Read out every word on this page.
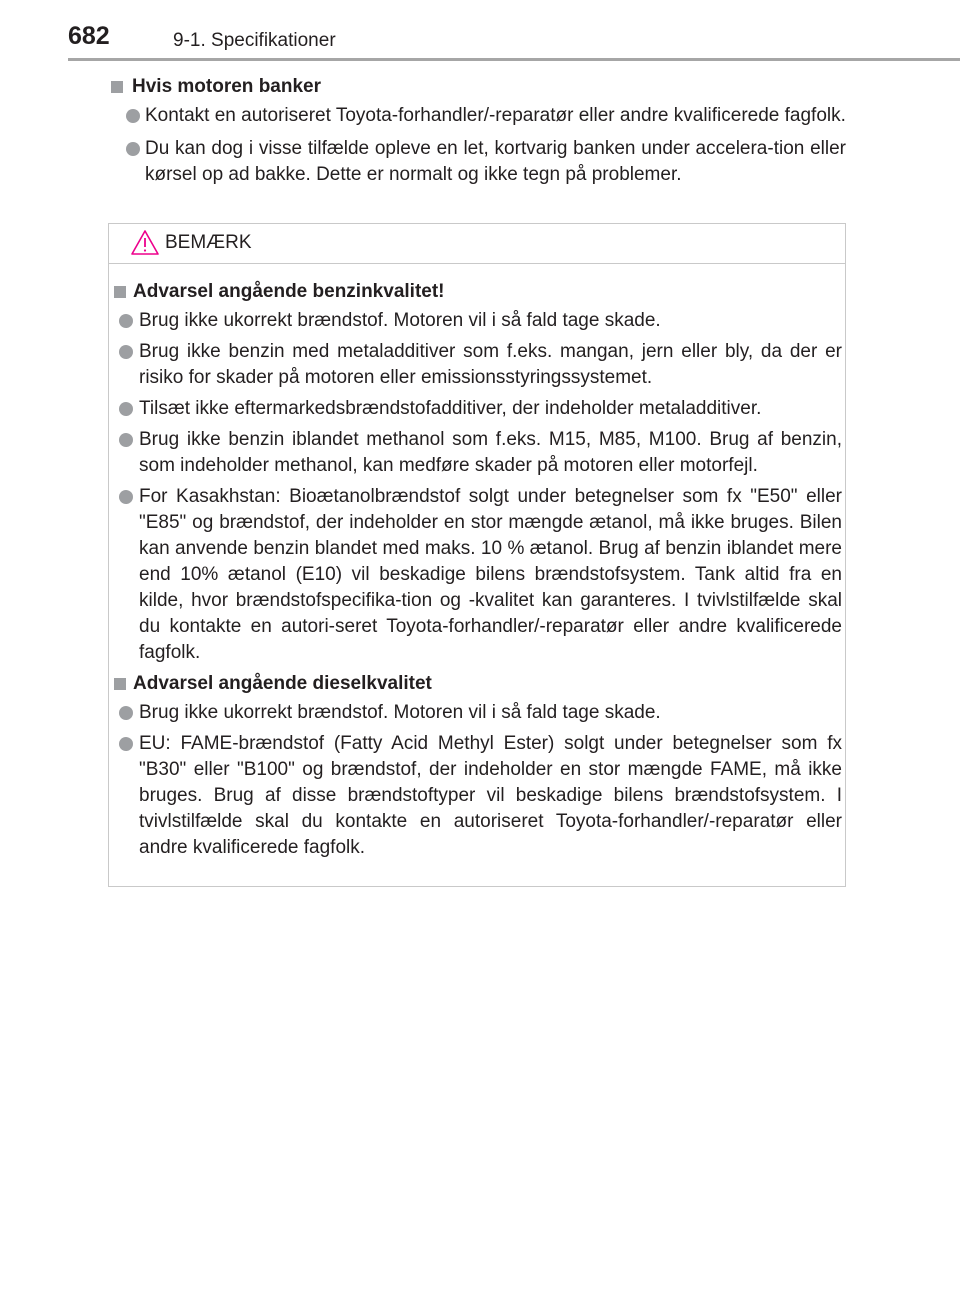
682	9-1. Specifikationer
Hvis motoren banker
Kontakt en autoriseret Toyota-forhandler/-reparatør eller andre kvalificerede fagfolk.
Du kan dog i visse tilfælde opleve en let, kortvarig banken under accelera-tion eller kørsel op ad bakke. Dette er normalt og ikke tegn på problemer.
BEMÆRK
Advarsel angående benzinkvalitet!
Brug ikke ukorrekt brændstof. Motoren vil i så fald tage skade.
Brug ikke benzin med metaladditiver som f.eks. mangan, jern eller bly, da der er risiko for skader på motoren eller emissionsstyringssystemet.
Tilsæt ikke eftermarkedsbrændstofadditiver, der indeholder metaladditiver.
Brug ikke benzin iblandet methanol som f.eks. M15, M85, M100. Brug af benzin, som indeholder methanol, kan medføre skader på motoren eller motorfejl.
For Kasakhstan: Bioætanolbrændstof solgt under betegnelser som fx "E50" eller "E85" og brændstof, der indeholder en stor mængde ætanol, må ikke bruges. Bilen kan anvende benzin blandet med maks. 10 % ætanol. Brug af benzin iblandet mere end 10% ætanol (E10) vil beskadige bilens brændstofsystem. Tank altid fra en kilde, hvor brændstofspecifika-tion og -kvalitet kan garanteres. I tvivlstilfælde skal du kontakte en autori-seret Toyota-forhandler/-reparatør eller andre kvalificerede fagfolk.
Advarsel angående dieselkvalitet
Brug ikke ukorrekt brændstof. Motoren vil i så fald tage skade.
EU: FAME-brændstof (Fatty Acid Methyl Ester) solgt under betegnelser som fx "B30" eller "B100" og brændstof, der indeholder en stor mængde FAME, må ikke bruges. Brug af disse brændstoftyper vil beskadige bilens brændstofsystem. I tvivlstilfælde skal du kontakte en autoriseret Toyota-forhandler/-reparatør eller andre kvalificerede fagfolk.
